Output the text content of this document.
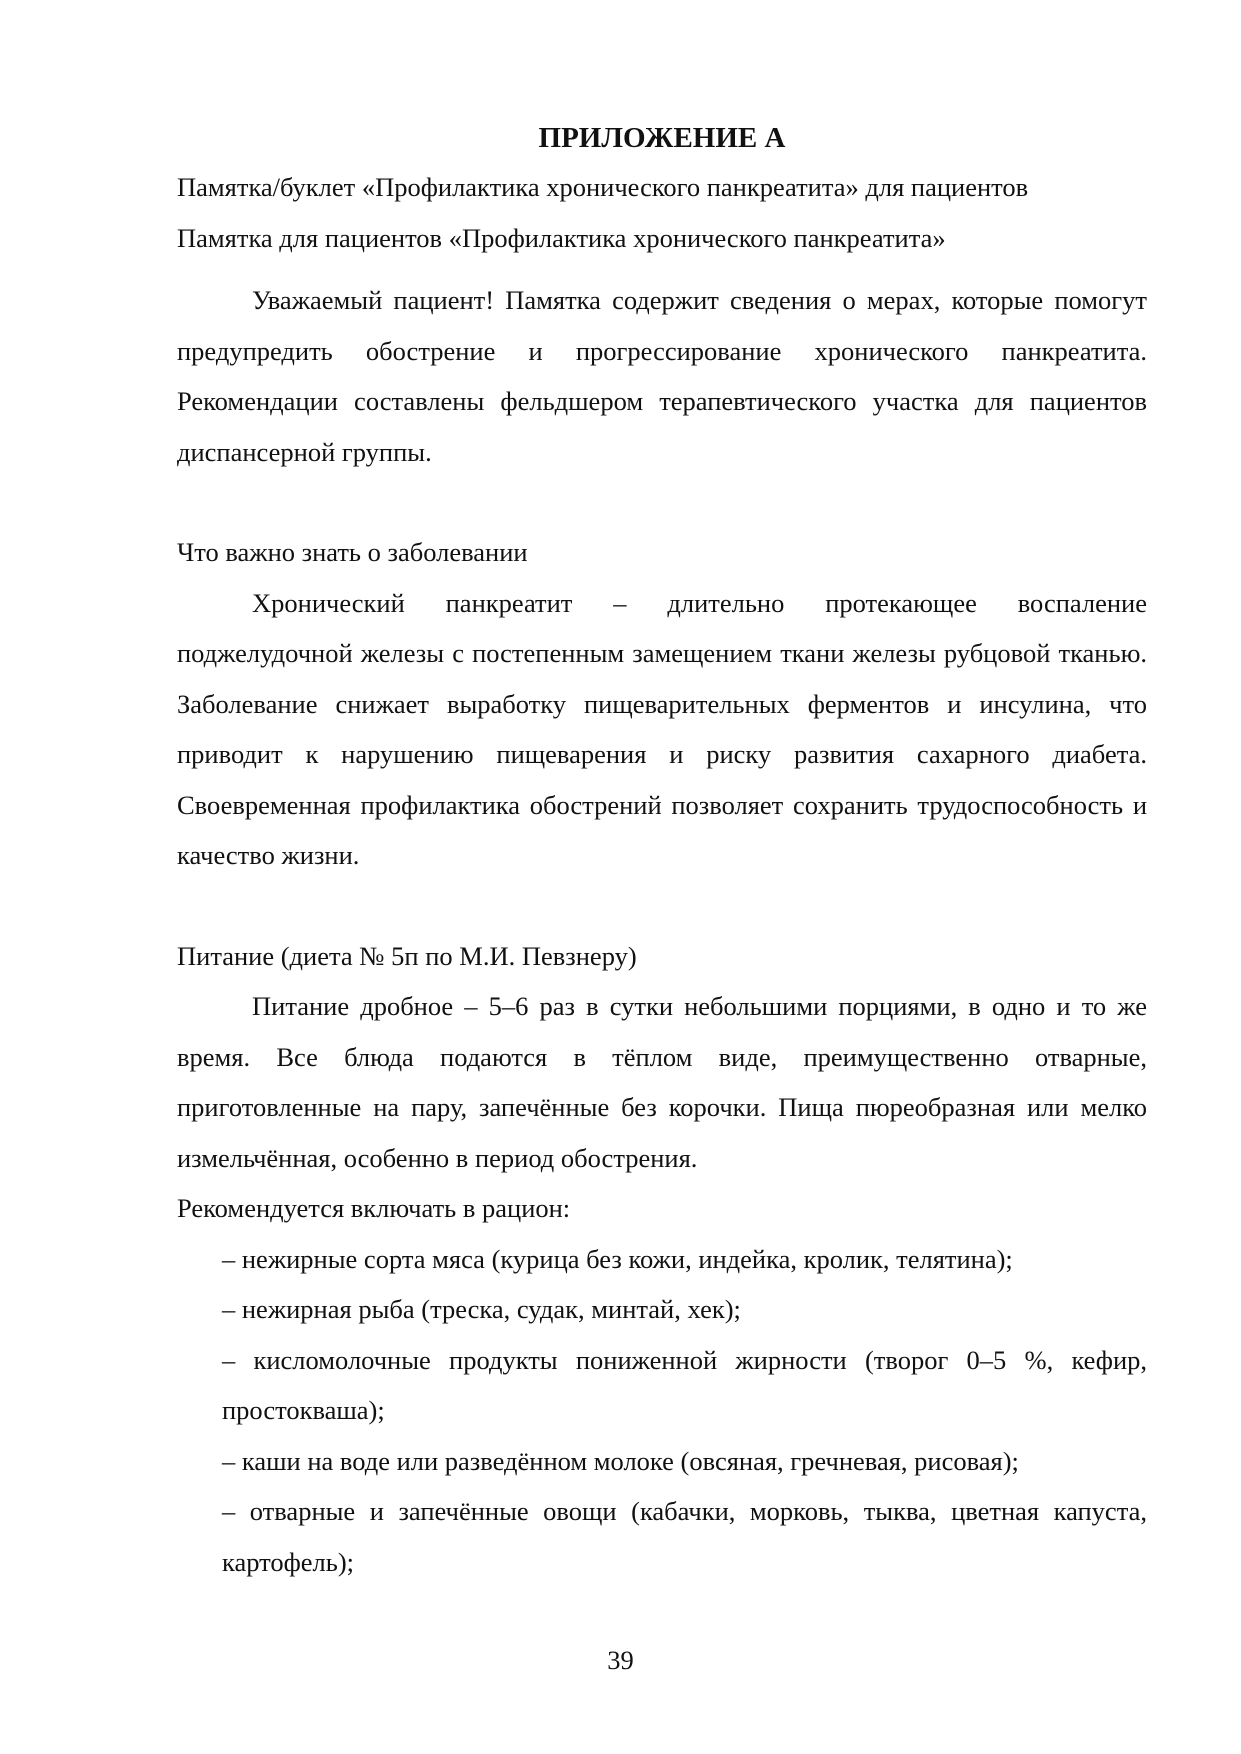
ПРИЛОЖЕНИЕ А

Памятка/буклет «Профилактика хронического панкреатита» для пациентов

Памятка для пациентов «Профилактика хронического панкреатита»

Уважаемый пациент! Памятка содержит сведения о мерах, которые помогут предупредить обострение и прогрессирование хронического панкреатита. Рекомендации составлены фельдшером терапевтического участка для пациентов диспансерной группы.

Что важно знать о заболевании

Хронический панкреатит – длительно протекающее воспаление поджелудочной железы с постепенным замещением ткани железы рубцовой тканью. Заболевание снижает выработку пищеварительных ферментов и инсулина, что приводит к нарушению пищеварения и риску развития сахарного диабета. Своевременная профилактика обострений позволяет сохранить трудоспособность и качество жизни.

Питание (диета № 5п по М.И. Певзнеру)

Питание дробное – 5–6 раз в сутки небольшими порциями, в одно и то же время. Все блюда подаются в тёплом виде, преимущественно отварные, приготовленные на пару, запечённые без корочки. Пища пюреобразная или мелко измельчённая, особенно в период обострения.

Рекомендуется включать в рацион:

– нежирные сорта мяса (курица без кожи, индейка, кролик, телятина);
– нежирная рыба (треска, судак, минтай, хек);
– кисломолочные продукты пониженной жирности (творог 0–5 %, кефир, простокваша);
– каши на воде или разведённом молоке (овсяная, гречневая, рисовая);
– отварные и запечённые овощи (кабачки, морковь, тыква, цветная капуста, картофель);
39
